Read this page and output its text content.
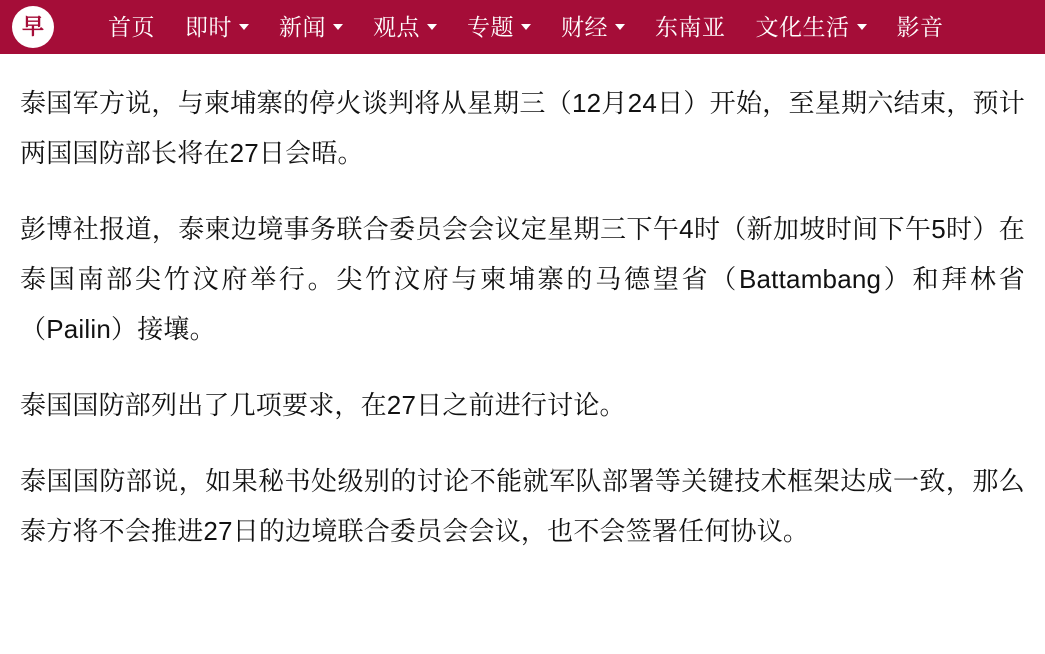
早	首页 即时 新闻 观点 专题 财经 东南亚 文化生活 影音

泰国军方说，与柬埔寨的停火谈判将从星期三（12月24日）开始，至星期六结束，预计两国国防部长将在27日会晤。

彭博社报道，泰柬边境事务联合委员会会议定星期三下午4时（新加坡时间下午5时）在泰国南部尖竹汶府举行。尖竹汶府与柬埔寨的马德望省（Battambang）和拜林省（Pailin）接壤。

泰国国防部列出了几项要求，在27日之前进行讨论。

泰国国防部说，如果秘书处级别的讨论不能就军队部署等关键技术框架达成一致，那么泰方将不会推进27日的边境联合委员会会议，也不会签署任何协议。
